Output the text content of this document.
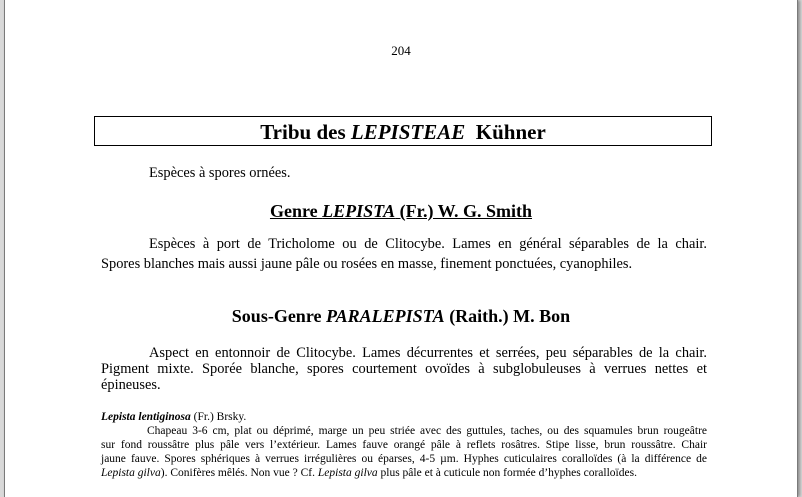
204
Tribu des LEPISTEAE Kühner
Espèces à spores ornées.
Genre LEPISTA (Fr.) W. G. Smith
Espèces à port de Tricholome ou de Clitocybe. Lames en général séparables de la chair.
Spores blanches mais aussi jaune pâle ou rosées en masse, finement ponctuées, cyanophiles.
Sous-Genre PARALEPISTA (Raith.) M. Bon
Aspect en entonnoir de Clitocybe. Lames décurrentes et serrées, peu séparables de la chair.
Pigment mixte. Sporée blanche, spores courtement ovoïdes à subglobuleuses à verrues nettes et
épineuses.
Lepista lentiginosa (Fr.) Brsky.
Chapeau 3-6 cm, plat ou déprimé, marge un peu striée avec des guttules, taches, ou des squamules brun rougeâtre
sur fond roussâtre plus pâle vers l’extérieur. Lames fauve orangé pâle à reflets rosâtres. Stipe lisse, brun roussâtre. Chair
jaune fauve. Spores sphériques à verrues irrégulières ou éparses, 4-5 µm. Hyphes cuticulaires coralloïdes (à la différence de
Lepista gilva). Conifères mêlés. Non vue ? Cf. Lepista gilva plus pâle et à cuticule non formée d’hyphes coralloïdes.
